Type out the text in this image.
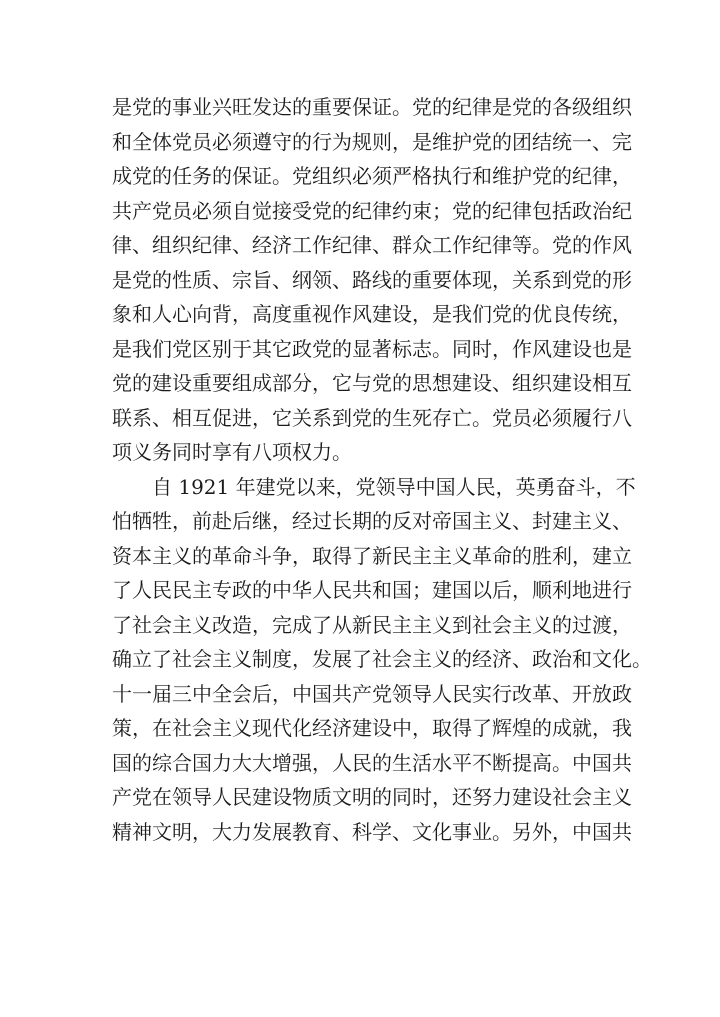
是党的事业兴旺发达的重要保证。党的纪律是党的各级组织
和全体党员必须遵守的行为规则，是维护党的团结统一、完
成党的任务的保证。党组织必须严格执行和维护党的纪律，
共产党员必须自觉接受党的纪律约束；党的纪律包括政治纪
律、组织纪律、经济工作纪律、群众工作纪律等。党的作风
是党的性质、宗旨、纲领、路线的重要体现，关系到党的形
象和人心向背，高度重视作风建设，是我们党的优良传统，
是我们党区别于其它政党的显著标志。同时，作风建设也是
党的建设重要组成部分，它与党的思想建设、组织建设相互
联系、相互促进，它关系到党的生死存亡。党员必须履行八
项义务同时享有八项权力。
自 1921 年建党以来，党领导中国人民，英勇奋斗，不
怕牺牲，前赴后继，经过长期的反对帝国主义、封建主义、
资本主义的革命斗争，取得了新民主主义革命的胜利，建立
了人民民主专政的中华人民共和国；建国以后，顺利地进行
了社会主义改造，完成了从新民主主义到社会主义的过渡，
确立了社会主义制度，发展了社会主义的经济、政治和文化。
十一届三中全会后，中国共产党领导人民实行改革、开放政
策，在社会主义现代化经济建设中，取得了辉煌的成就，我
国的综合国力大大增强，人民的生活水平不断提高。中国共
产党在领导人民建设物质文明的同时，还努力建设社会主义
精神文明，大力发展教育、科学、文化事业。另外，中国共
